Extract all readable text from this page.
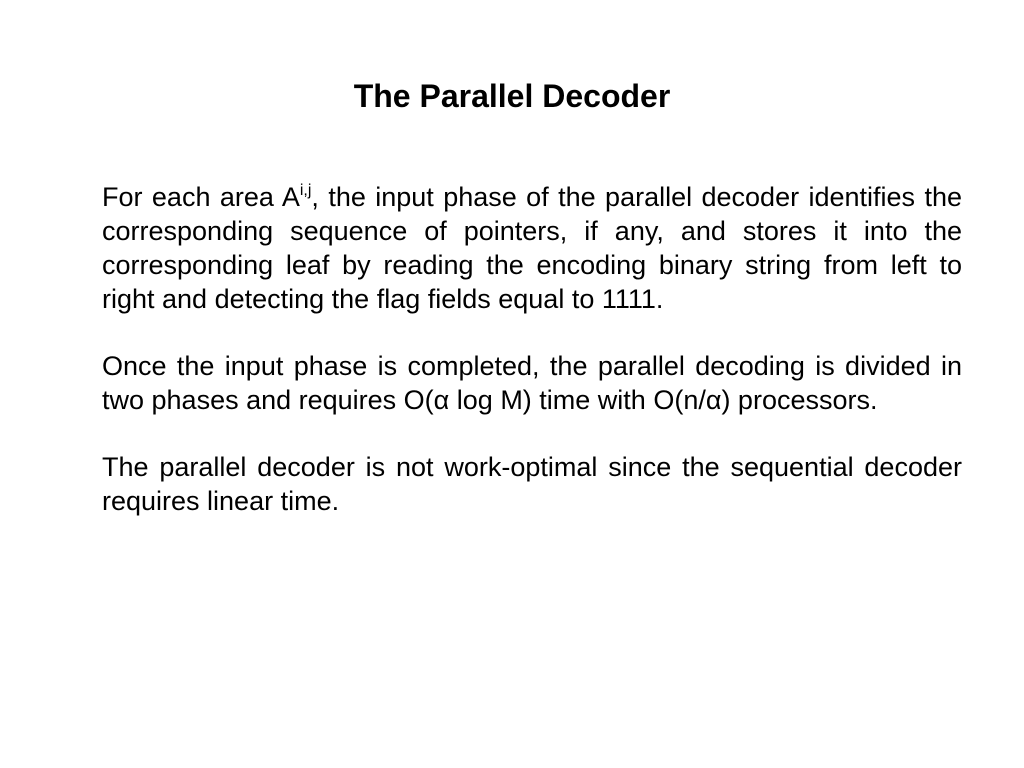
The Parallel Decoder

For each area A$^{i,j}$, the input phase of the parallel decoder identifies the corresponding sequence of pointers, if any, and stores it into the corresponding leaf by reading the encoding binary string from left to right and detecting the flag fields equal to 1111.

Once the input phase is completed, the parallel decoding is divided in two phases and requires O(α log M) time with O(n/α) processors.

The parallel decoder is not work-optimal since the sequential decoder requires linear time.
